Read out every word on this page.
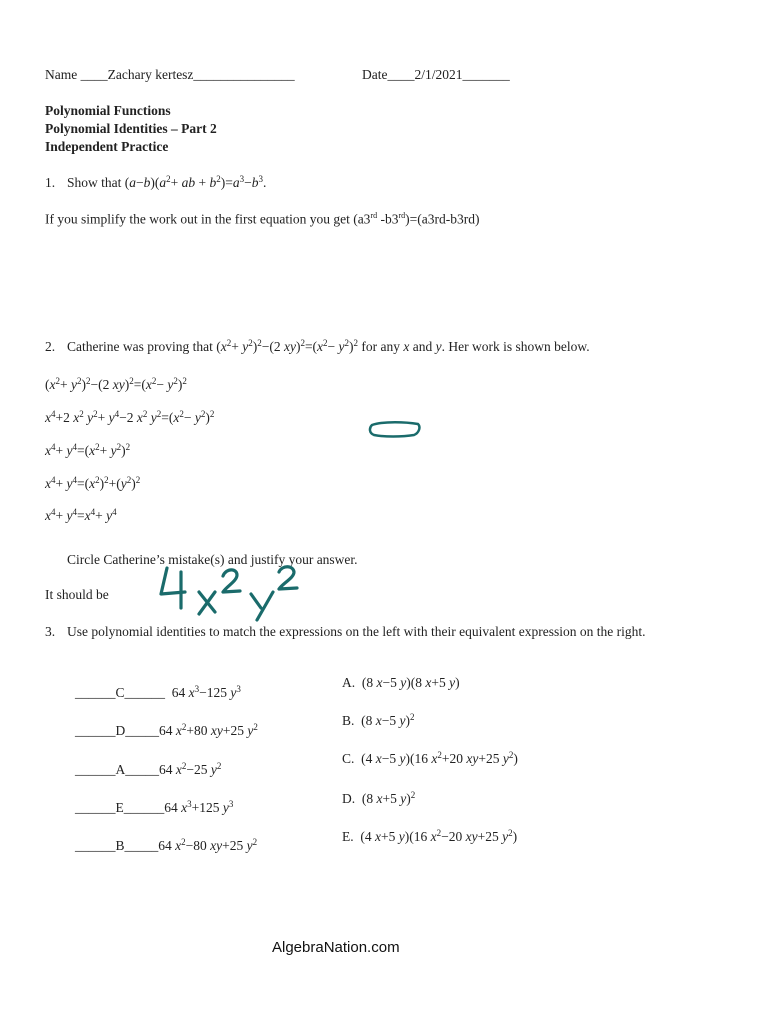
Name ____Zachary kertesz_______________	Date____2/1/2021_______
Polynomial Functions
Polynomial Identities – Part 2
Independent Practice
1. Show that $(a-b)(a^2+$ ab + $b^2)=a^3-b^3$.
If you simplify the work out in the first equation you get (a3rd -b3rd)=(a3rd-b3rd)
2. Catherine was proving that $(x^2+ y^2)^2-(2$ $xy)^2=(x^2- y^2)^2$ for any x and y. Her work is shown below.
$(x^2+ y^2)^2-(2$ $xy)^2=(x^2- y^2)^2$
$x^4+2$ $x^2$ $y^2+ y^4-2$ $x^2$ $y^2=(x^2- y^2)^2$
$x^4+ y^4=(x^2+ y^2)^2$
$x^4+ y^4=(x^2)^2+(y^2)^2$
$x^4+ y^4=x^4+ y^4$
Circle Catherine’s mistake(s) and justify your answer.
It should be
3. Use polynomial identities to match the expressions on the left with their equivalent expression on the right.
______C______  64 $x^3-125$ $y^3$
______D_____64 $x^2+80$ xy+25 $y^2$
______A_____64 $x^2-25$ $y^2$
______E______64 $x^3+125$ $y^3$
______B_____64 $x^2-80$ xy+25 $y^2$
A.  (8 x−5 y)(8 x+5 y)
B.  (8 x−5 y)$^2$
C.  (4 x−5 y)(16 $x^2+20$ xy+25 $y^2$)
D.  (8 x+5 y)$^2$
E.  (4 x+5 y)(16 $x^2-20$ xy+25 $y^2$)
AlgebraNation.com
